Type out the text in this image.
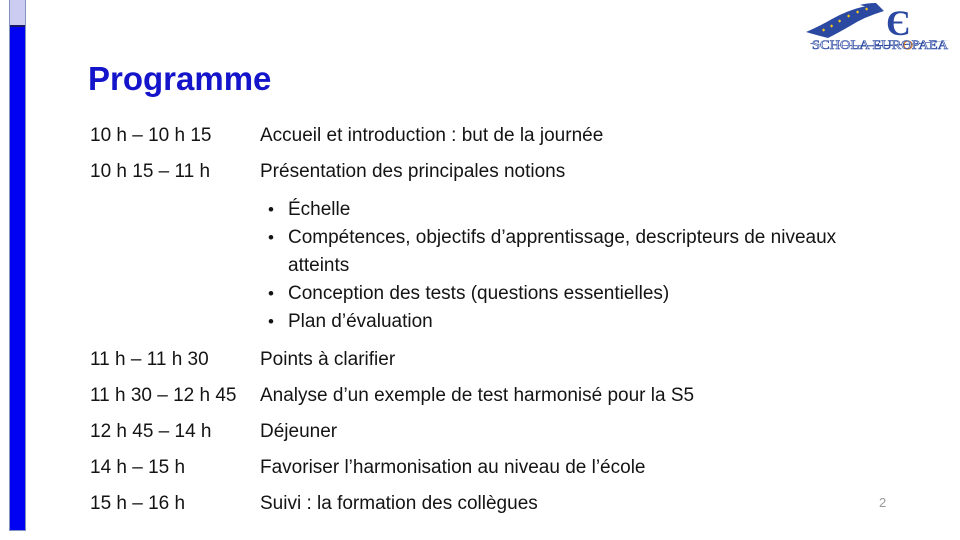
Programme
Є
SCHOLA EUROPAEA
10 h – 10 h 15	Accueil et introduction : but de la journée
10 h 15 – 11 h	Présentation des principales notions
• Échelle
• Compétences, objectifs d’apprentissage, descripteurs de niveaux atteints
• Conception des tests (questions essentielles)
• Plan d’évaluation
11 h – 11 h 30	Points à clarifier
11 h 30 – 12 h 45	Analyse d’un exemple de test harmonisé pour la S5
12 h 45 – 14 h	Déjeuner
14 h – 15 h	Favoriser l’harmonisation au niveau de l’école
15 h – 16 h	Suivi : la formation des collègues	2
